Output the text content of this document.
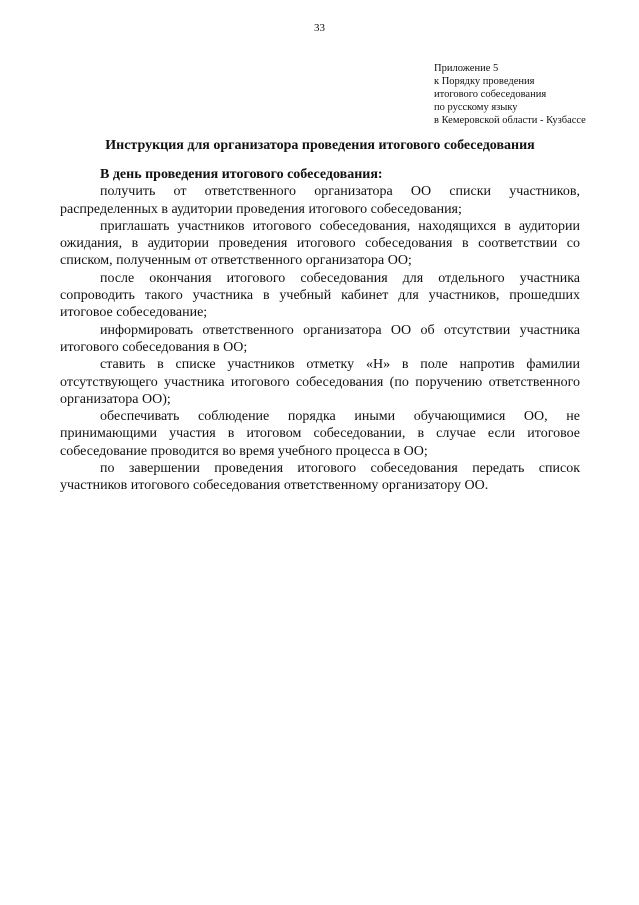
33
Приложение 5
к Порядку проведения
итогового собеседования
по русскому языку
в Кемеровской области - Кузбассе
Инструкция для организатора проведения итогового собеседования
В день проведения итогового собеседования:

получить от ответственного организатора ОО списки участников, распределенных в аудитории проведения итогового собеседования;

приглашать участников итогового собеседования, находящихся в аудитории ожидания, в аудитории проведения итогового собеседования в соответствии со списком, полученным от ответственного организатора ОО;

после окончания итогового собеседования для отдельного участника сопроводить такого участника в учебный кабинет для участников, прошедших итоговое собеседование;

информировать ответственного организатора ОО об отсутствии участника итогового собеседования в ОО;

ставить в списке участников отметку «Н» в поле напротив фамилии отсутствующего участника итогового собеседования (по поручению ответственного организатора ОО);

обеспечивать соблюдение порядка иными обучающимися ОО, не принимающими участия в итоговом собеседовании, в случае если итоговое собеседование проводится во время учебного процесса в ОО;

по завершении проведения итогового собеседования передать список участников итогового собеседования ответственному организатору ОО.
